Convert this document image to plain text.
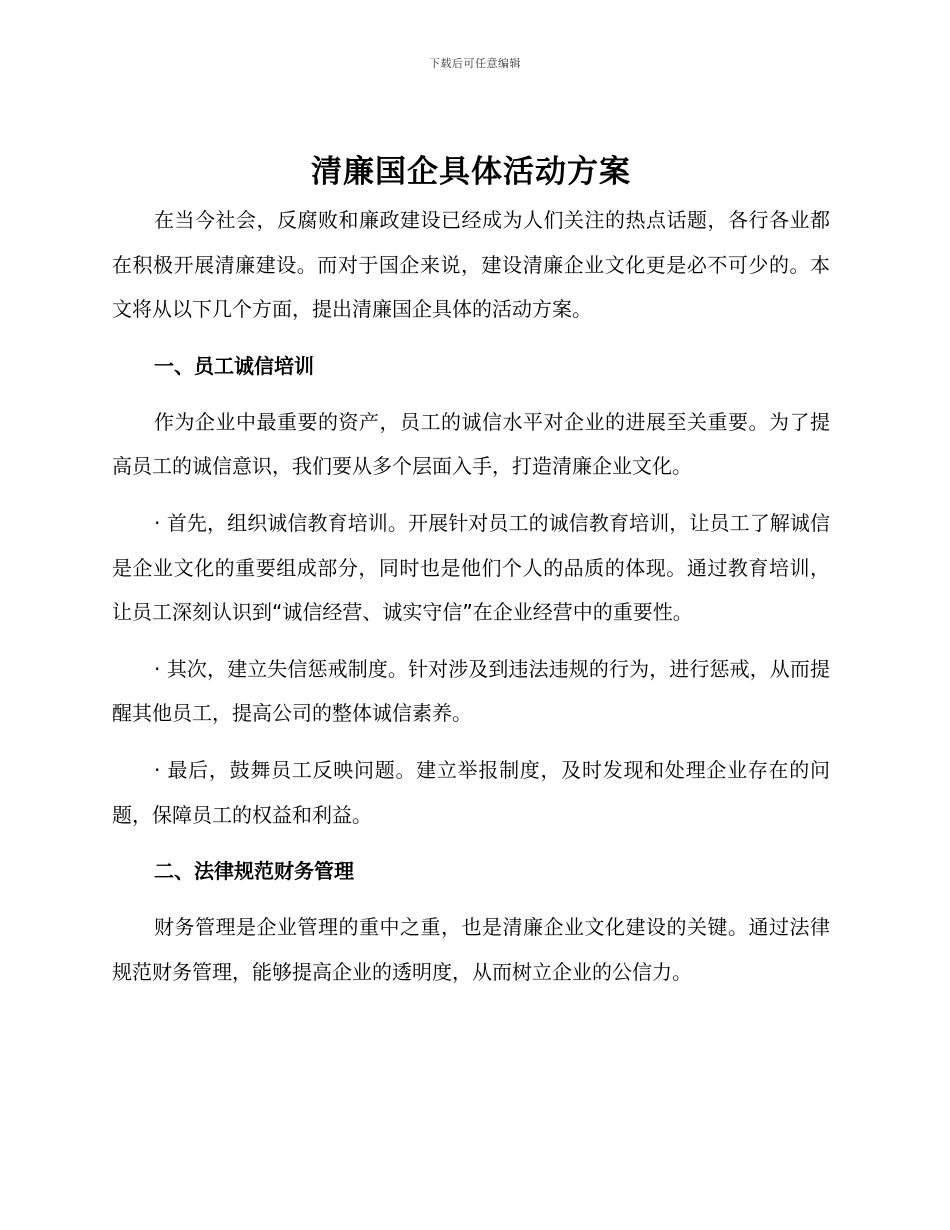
下载后可任意编辑
清廉国企具体活动方案

在当今社会，反腐败和廉政建设已经成为人们关注的热点话题，各行各业都在积极开展清廉建设。而对于国企来说，建设清廉企业文化更是必不可少的。本文将从以下几个方面，提出清廉国企具体的活动方案。

一、员工诚信培训

作为企业中最重要的资产，员工的诚信水平对企业的进展至关重要。为了提高员工的诚信意识，我们要从多个层面入手，打造清廉企业文化。

· 首先，组织诚信教育培训。开展针对员工的诚信教育培训，让员工了解诚信是企业文化的重要组成部分，同时也是他们个人的品质的体现。通过教育培训，让员工深刻认识到“诚信经营、诚实守信”在企业经营中的重要性。

· 其次，建立失信惩戒制度。针对涉及到违法违规的行为，进行惩戒，从而提醒其他员工，提高公司的整体诚信素养。

· 最后，鼓舞员工反映问题。建立举报制度，及时发现和处理企业存在的问题，保障员工的权益和利益。

二、法律规范财务管理

财务管理是企业管理的重中之重，也是清廉企业文化建设的关键。通过法律规范财务管理，能够提高企业的透明度，从而树立企业的公信力。
